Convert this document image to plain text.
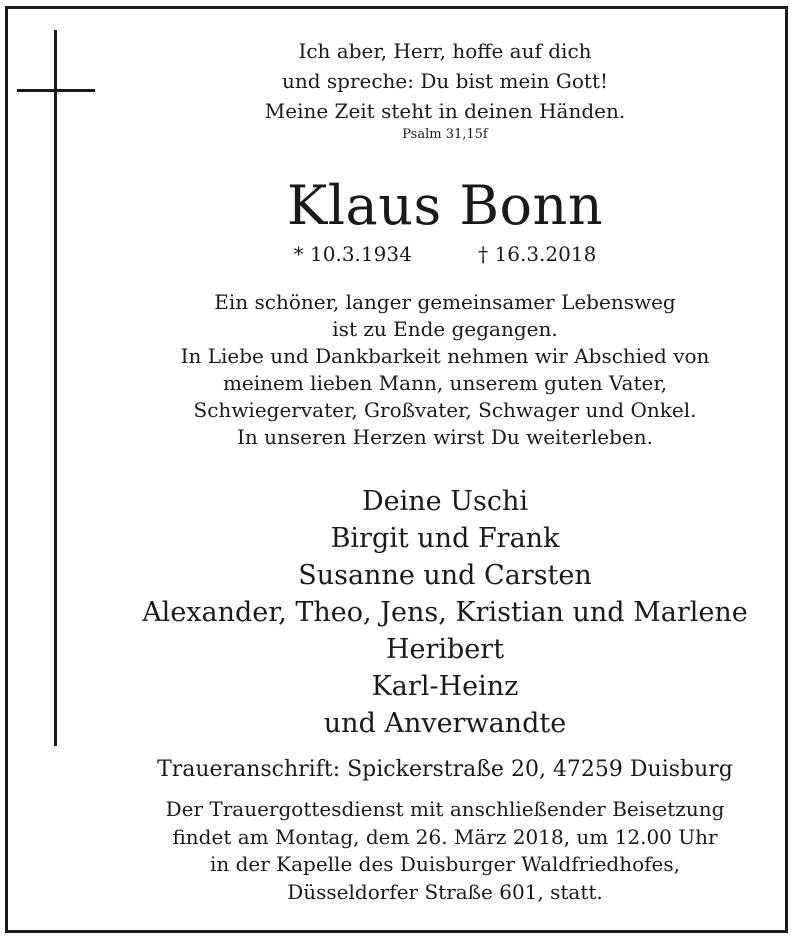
Ich aber, Herr, hoffe auf dich
und spreche: Du bist mein Gott!
Meine Zeit steht in deinen Händen.
Psalm 31,15f
Klaus Bonn
* 10.3.1934	† 16.3.2018
Ein schöner, langer gemeinsamer Lebensweg
ist zu Ende gegangen.
In Liebe und Dankbarkeit nehmen wir Abschied von
meinem lieben Mann, unserem guten Vater,
Schwiegervater, Großvater, Schwager und Onkel.
In unseren Herzen wirst Du weiterleben.
Deine Uschi
Birgit und Frank
Susanne und Carsten
Alexander, Theo, Jens, Kristian und Marlene
Heribert
Karl-Heinz
und Anverwandte
Traueranschrift: Spickerstraße 20, 47259 Duisburg
Der Trauergottesdienst mit anschließender Beisetzung
findet am Montag, dem 26. März 2018, um 12.00 Uhr
in der Kapelle des Duisburger Waldfriedhofes,
Düsseldorfer Straße 601, statt.
